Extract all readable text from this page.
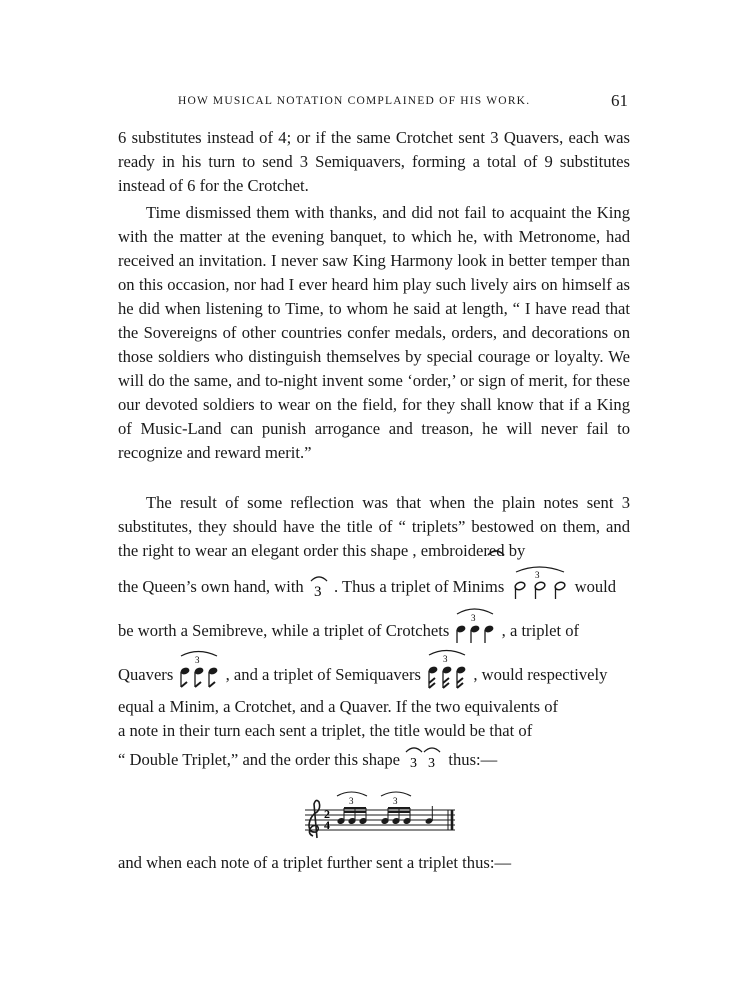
HOW MUSICAL NOTATION COMPLAINED OF HIS WORK.	61
6 substitutes instead of 4; or if the same Crotchet sent 3 Quavers, each was ready in his turn to send 3 Semiquavers, forming a total of 9 substitutes instead of 6 for the Crotchet.
Time dismissed them with thanks, and did not fail to acquaint the King with the matter at the evening banquet, to which he, with Metronome, had received an invitation. I never saw King Harmony look in better temper than on this occasion, nor had I ever heard him play such lively airs on himself as he did when listening to Time, to whom he said at length, “ I have read that the Sovereigns of other countries confer medals, orders, and decorations on those soldiers who distinguish themselves by special courage or loyalty. We will do the same, and to-night invent some ‘order,’ or sign of merit, for these our devoted soldiers to wear on the field, for they shall know that if a King of Music-Land can punish arrogance and treason, he will never fail to recognize and reward merit.”
The result of some reflection was that when the plain notes sent 3 substitutes, they should have the title of “ triplets” bestowed on them, and the right to wear an elegant order this shape , embroidered by
the Queen’s own hand, with 3 . Thus a triplet of Minims
3
would
be worth a Semibreve, while a triplet of Crotchets
3
, a triplet of
Quavers
3
, and a triplet of Semiquavers
3
, would respectively
equal a Minim, a Crotchet, and a Quaver. If the two equivalents of
a note in their turn each sent a triplet, the title would be that of
“ Double Triplet,” and the order this shape 3 3 thus:—
2
4
3	3
and when each note of a triplet further sent a triplet thus:—
